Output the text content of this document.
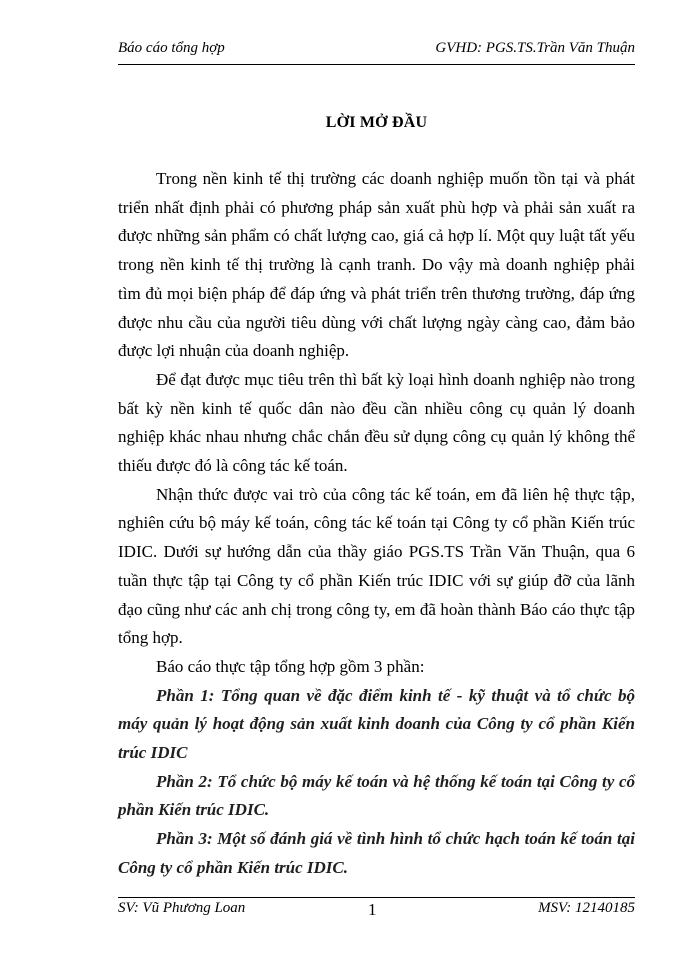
Báo cáo tổng hợp	GVHD: PGS.TS.Trần Văn Thuận
LỜI MỞ ĐẦU

Trong nền kinh tế thị trường các doanh nghiệp muốn tồn tại và phát triển nhất định phải có phương pháp sản xuất phù hợp và phải sản xuất ra được những sản phẩm có chất lượng cao, giá cả hợp lí. Một quy luật tất yếu trong nền kinh tế thị trường là cạnh tranh. Do vậy mà doanh nghiệp phải tìm đủ mọi biện pháp để đáp ứng và phát triển trên thương trường, đáp ứng được nhu cầu của người tiêu dùng với chất lượng ngày càng cao, đảm bảo được lợi nhuận của doanh nghiệp.

Để đạt được mục tiêu trên thì bất kỳ loại hình doanh nghiệp nào trong bất kỳ nền kinh tế quốc dân nào đều cần nhiều công cụ quản lý doanh nghiệp khác nhau nhưng chắc chắn đều sử dụng công cụ quản lý không thể thiếu được đó là công tác kế toán.

Nhận thức được vai trò của công tác kế toán, em đã liên hệ thực tập, nghiên cứu bộ máy kế toán, công tác kế toán tại Công ty cổ phần Kiến trúc IDIC. Dưới sự hướng dẫn của thầy giáo PGS.TS Trần Văn Thuận, qua 6 tuần thực tập tại Công ty cổ phần Kiến trúc IDIC với sự giúp đỡ của lãnh đạo cũng như các anh chị trong công ty, em đã hoàn thành Báo cáo thực tập tổng hợp.

Báo cáo thực tập tổng hợp gồm 3 phần:

Phần 1: Tổng quan về đặc điểm kinh tế - kỹ thuật và tổ chức bộ máy quản lý hoạt động sản xuất kinh doanh của Công ty cổ phần Kiến trúc IDIC

Phần 2: Tổ chức bộ máy kế toán và hệ thống kế toán tại Công ty cổ phần Kiến trúc IDIC.

Phần 3: Một số đánh giá về tình hình tổ chức hạch toán kế toán tại Công ty cổ phần Kiến trúc IDIC.

SV: Vũ Phương Loan	1	MSV: 12140185
